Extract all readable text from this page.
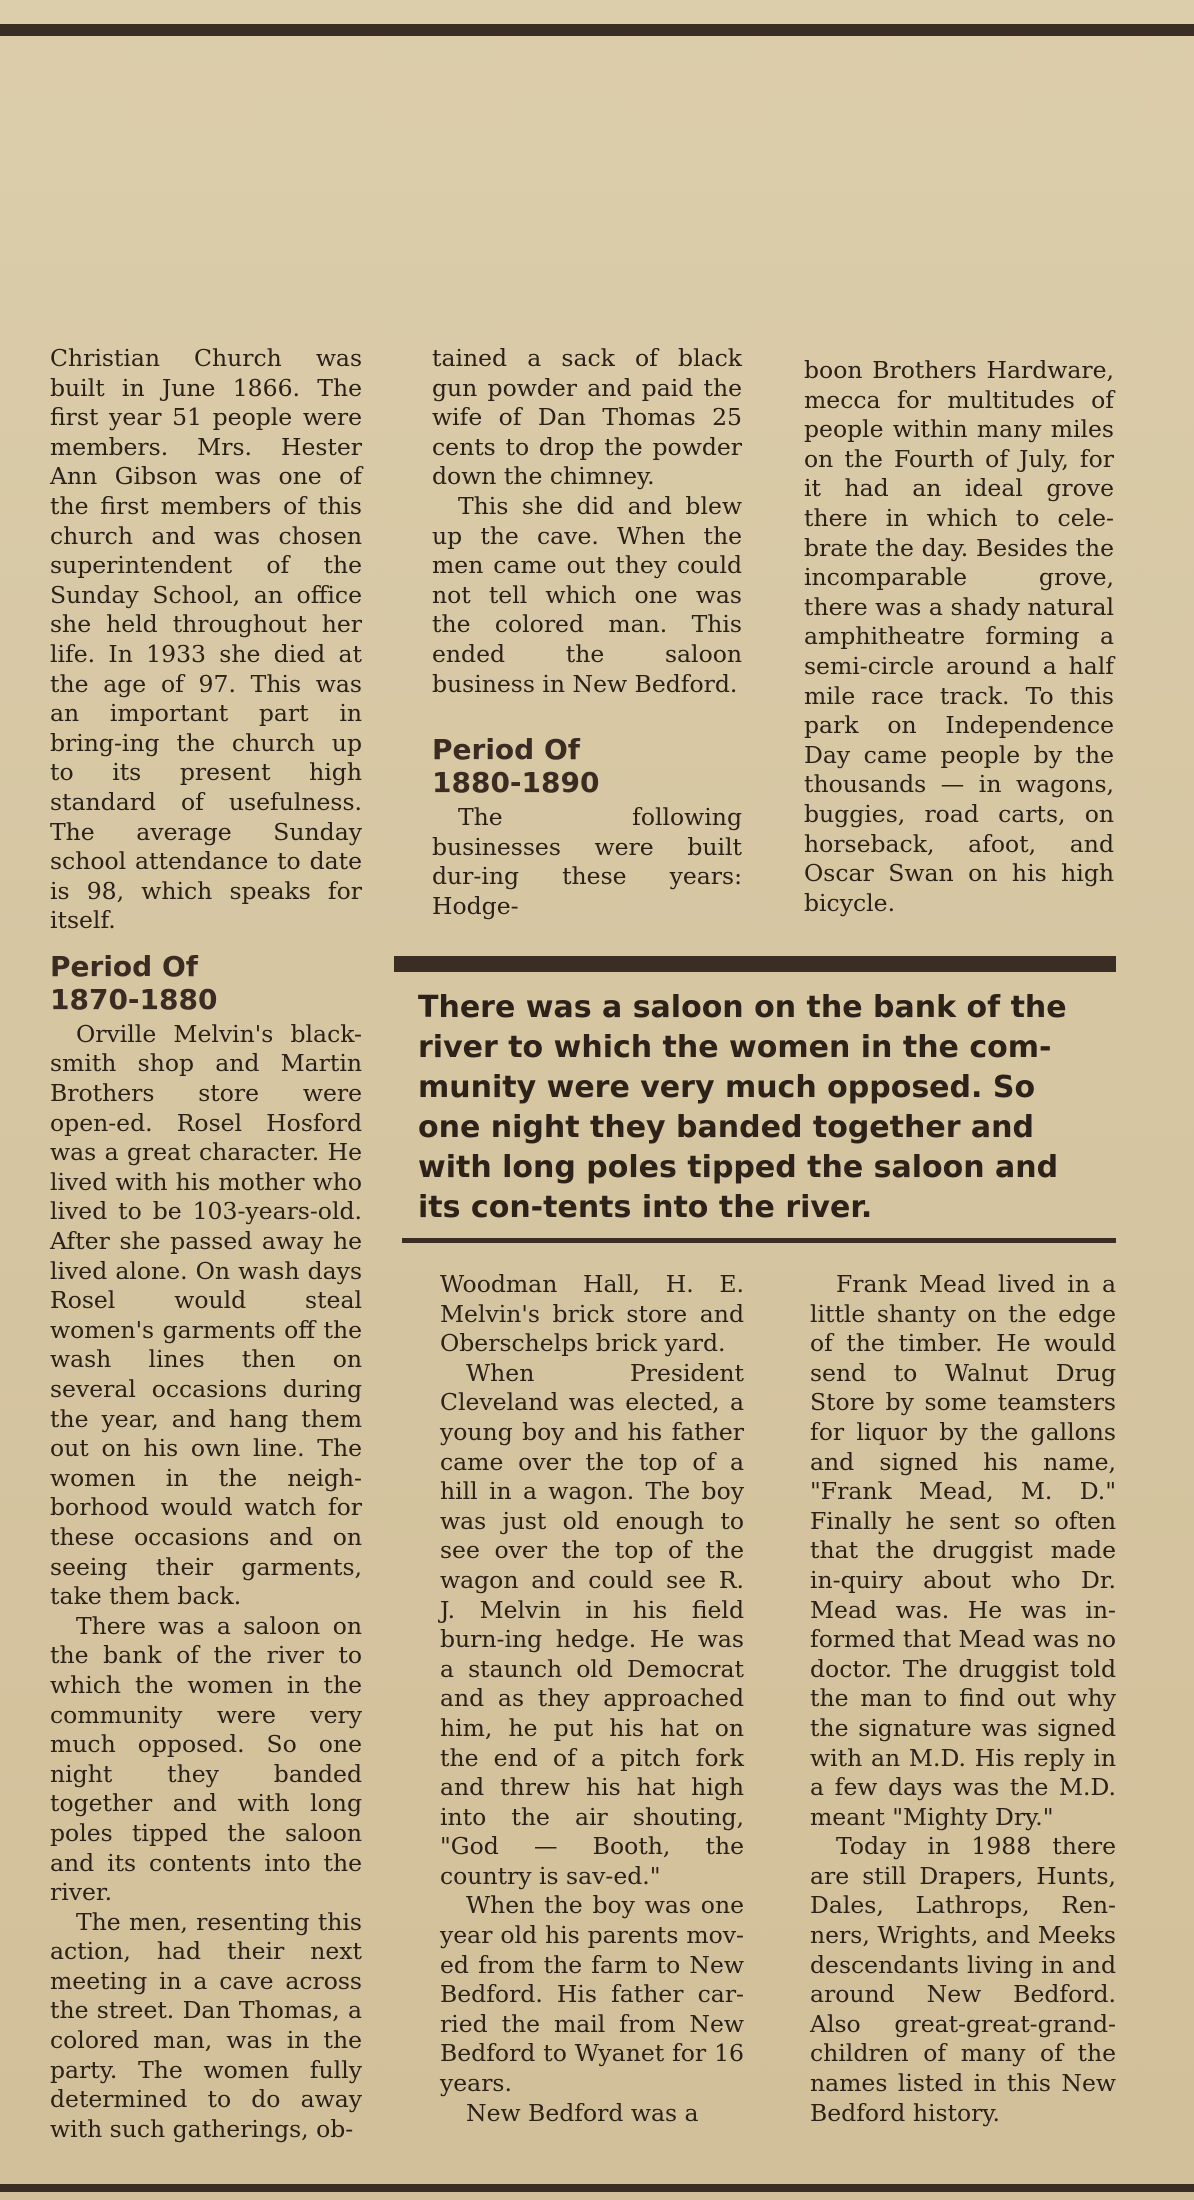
Christian Church was built in June 1866. The first year 51 people were members. Mrs. Hester Ann Gibson was one of the first members of this church and was chosen superintendent of the Sunday School, an office she held throughout her life. In 1933 she died at the age of 97. This was an important part in bring-ing the church up to its present high standard of usefulness. The average Sunday school attendance to date is 98, which speaks for itself.

Period Of
1870-1880

Orville Melvin's black-smith shop and Martin Brothers store were open-ed. Rosel Hosford was a great character. He lived with his mother who lived to be 103-years-old. After she passed away he lived alone. On wash days Rosel would steal women's garments off the wash lines then on several occasions during the year, and hang them out on his own line. The women in the neigh-borhood would watch for these occasions and on seeing their garments, take them back.

There was a saloon on the bank of the river to which the women in the community were very much opposed. So one night they banded together and with long poles tipped the saloon and its contents into the river.

The men, resenting this action, had their next meeting in a cave across the street. Dan Thomas, a colored man, was in the party. The women fully determined to do away with such gatherings, ob-

tained a sack of black gun powder and paid the wife of Dan Thomas 25 cents to drop the powder down the chimney.

This she did and blew up the cave. When the men came out they could not tell which one was the colored man. This ended the saloon business in New Bedford.

Period Of
1880-1890

The following businesses were built dur-ing these years: Hodge-

boon Brothers Hardware, mecca for multitudes of people within many miles on the Fourth of July, for it had an ideal grove there in which to cele-brate the day. Besides the incomparable grove, there was a shady natural amphitheatre forming a semi-circle around a half mile race track. To this park on Independence Day came people by the thousands — in wagons, buggies, road carts, on horseback, afoot, and Oscar Swan on his high bicycle.

There was a saloon on the bank of the river to which the women in the com-munity were very much opposed. So one night they banded together and with long poles tipped the saloon and its con-tents into the river.

Woodman Hall, H. E. Melvin's brick store and Oberschelps brick yard.

When President Cleveland was elected, a young boy and his father came over the top of a hill in a wagon. The boy was just old enough to see over the top of the wagon and could see R. J. Melvin in his field burn-ing hedge. He was a staunch old Democrat and as they approached him, he put his hat on the end of a pitch fork and threw his hat high into the air shouting, "God — Booth, the country is sav-ed."

When the boy was one year old his parents mov-ed from the farm to New Bedford. His father car-ried the mail from New Bedford to Wyanet for 16 years.

New Bedford was a

Frank Mead lived in a little shanty on the edge of the timber. He would send to Walnut Drug Store by some teamsters for liquor by the gallons and signed his name, "Frank Mead, M. D." Finally he sent so often that the druggist made in-quiry about who Dr. Mead was. He was in-formed that Mead was no doctor. The druggist told the man to find out why the signature was signed with an M.D. His reply in a few days was the M.D. meant "Mighty Dry."

Today in 1988 there are still Drapers, Hunts, Dales, Lathrops, Ren-ners, Wrights, and Meeks descendants living in and around New Bedford. Also great-great-grand-children of many of the names listed in this New Bedford history.
